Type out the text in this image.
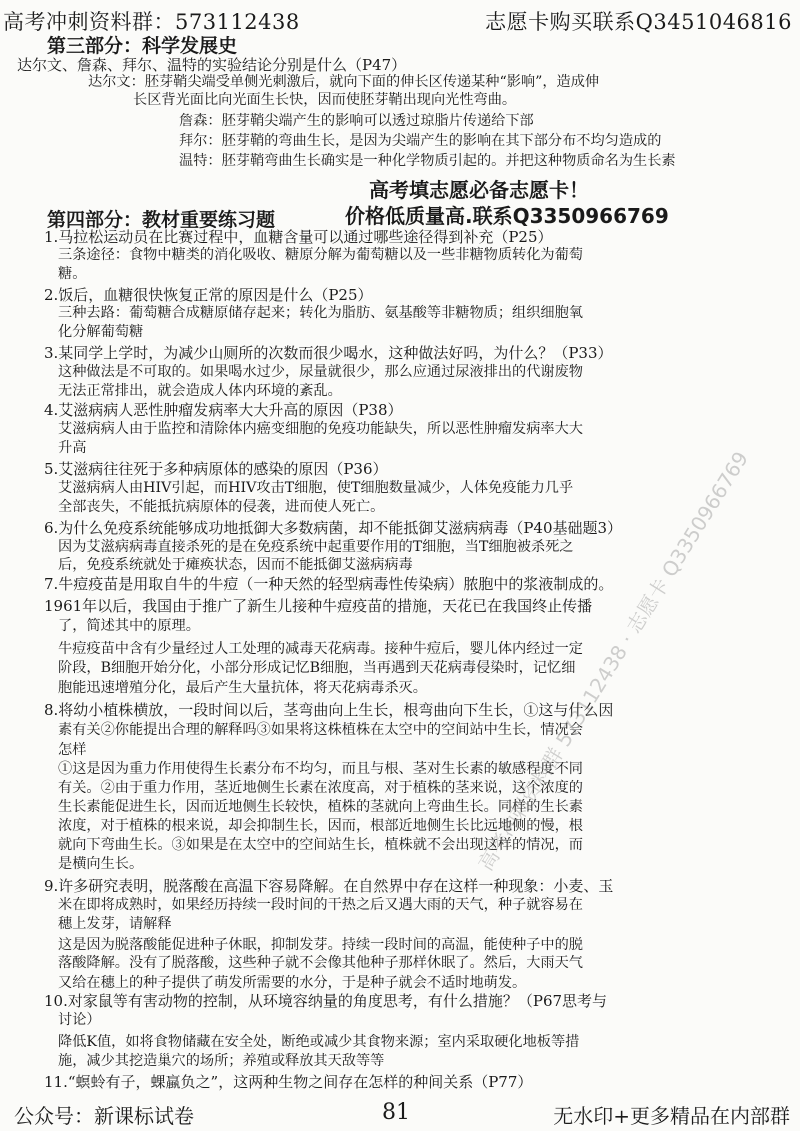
高考冲刺资料群：573112438	志愿卡购买联系Q3451046816
第三部分：科学发展史
达尔文、詹森、拜尔、温特的实验结论分别是什么（P47）
达尔文：胚芽鞘尖端受单侧光刺激后，就向下面的伸长区传递某种“影响”，造成伸
长区背光面比向光面生长快，因而使胚芽鞘出现向光性弯曲。
詹森：胚芽鞘尖端产生的影响可以透过琼脂片传递给下部
拜尔：胚芽鞘的弯曲生长，是因为尖端产生的影响在其下部分布不均匀造成的
温特：胚芽鞘弯曲生长确实是一种化学物质引起的。并把这种物质命名为生长素
高考填志愿必备志愿卡！
价格低质量高.联系Q3350966769
第四部分：教材重要练习题
1.马拉松运动员在比赛过程中，血糖含量可以通过哪些途径得到补充（P25）
三条途径：食物中糖类的消化吸收、糖原分解为葡萄糖以及一些非糖物质转化为葡萄
糖。
2.饭后，血糖很快恢复正常的原因是什么（P25）
三种去路：葡萄糖合成糖原储存起来；转化为脂肪、氨基酸等非糖物质；组织细胞氧
化分解葡萄糖
3.某同学上学时，为减少山厕所的次数而很少喝水，这种做法好吗，为什么？（P33）
这种做法是不可取的。如果喝水过少，尿量就很少，那么应通过尿液排出的代谢废物
无法正常排出，就会造成人体内环境的紊乱。
4.艾滋病病人恶性肿瘤发病率大大升高的原因（P38）
艾滋病病人由于监控和清除体内癌变细胞的免疫功能缺失，所以恶性肿瘤发病率大大
升高
5.艾滋病往往死于多种病原体的感染的原因（P36）
艾滋病病人由HIV引起，而HIV攻击T细胞，使T细胞数量减少，人体免疫能力几乎
全部丧失，不能抵抗病原体的侵袭，进而使人死亡。
6.为什么免疫系统能够成功地抵御大多数病菌，却不能抵御艾滋病病毒（P40基础题3）
因为艾滋病病毒直接杀死的是在免疫系统中起重要作用的T细胞，当T细胞被杀死之
后，免疫系统就处于瘫痪状态，因而不能抵御艾滋病病毒
7.牛痘疫苗是用取自牛的牛痘（一种天然的轻型病毒性传染病）脓胞中的浆液制成的。
1961年以后，我国由于推广了新生儿接种牛痘疫苗的措施，天花已在我国终止传播
了，简述其中的原理。
牛痘疫苗中含有少量经过人工处理的减毒天花病毒。接种牛痘后，婴儿体内经过一定
阶段，B细胞开始分化，小部分形成记忆B细胞，当再遇到天花病毒侵染时，记忆细
胞能迅速增殖分化，最后产生大量抗体，将天花病毒杀灭。
8.将幼小植株横放，一段时间以后，茎弯曲向上生长，根弯曲向下生长，①这与什么因
素有关②你能提出合理的解释吗③如果将这株植株在太空中的空间站中生长，情况会
怎样
①这是因为重力作用使得生长素分布不均匀，而且与根、茎对生长素的敏感程度不同
有关。②由于重力作用，茎近地侧生长素在浓度高，对于植株的茎来说，这个浓度的
生长素能促进生长，因而近地侧生长较快，植株的茎就向上弯曲生长。同样的生长素
浓度，对于植株的根来说，却会抑制生长，因而，根部近地侧生长比远地侧的慢，根
就向下弯曲生长。③如果是在太空中的空间站生长，植株就不会出现这样的情况，而
是横向生长。
9.许多研究表明，脱落酸在高温下容易降解。在自然界中存在这样一种现象：小麦、玉
米在即将成熟时，如果经历持续一段时间的干热之后又遇大雨的天气，种子就容易在
穗上发芽，请解释
这是因为脱落酸能促进种子休眠，抑制发芽。持续一段时间的高温，能使种子中的脱
落酸降解。没有了脱落酸，这些种子就不会像其他种子那样休眠了。然后，大雨天气
又给在穗上的种子提供了萌发所需要的水分，于是种子就会不适时地萌发。
10.对家鼠等有害动物的控制，从环境容纳量的角度思考，有什么措施？（P67思考与
讨论）
降低K值，如将食物储藏在安全处，断绝或减少其食物来源；室内采取硬化地板等措
施，减少其挖造巢穴的场所；养殖或释放其天敌等等
11.“螟蛉有子，蜾蠃负之”，这两种生物之间存在怎样的种间关系（P77）
高考冲刺资料群 573112438 · 志愿卡 Q3350966769
公众号：新课标试卷	81	无水印+更多精品在内部群
